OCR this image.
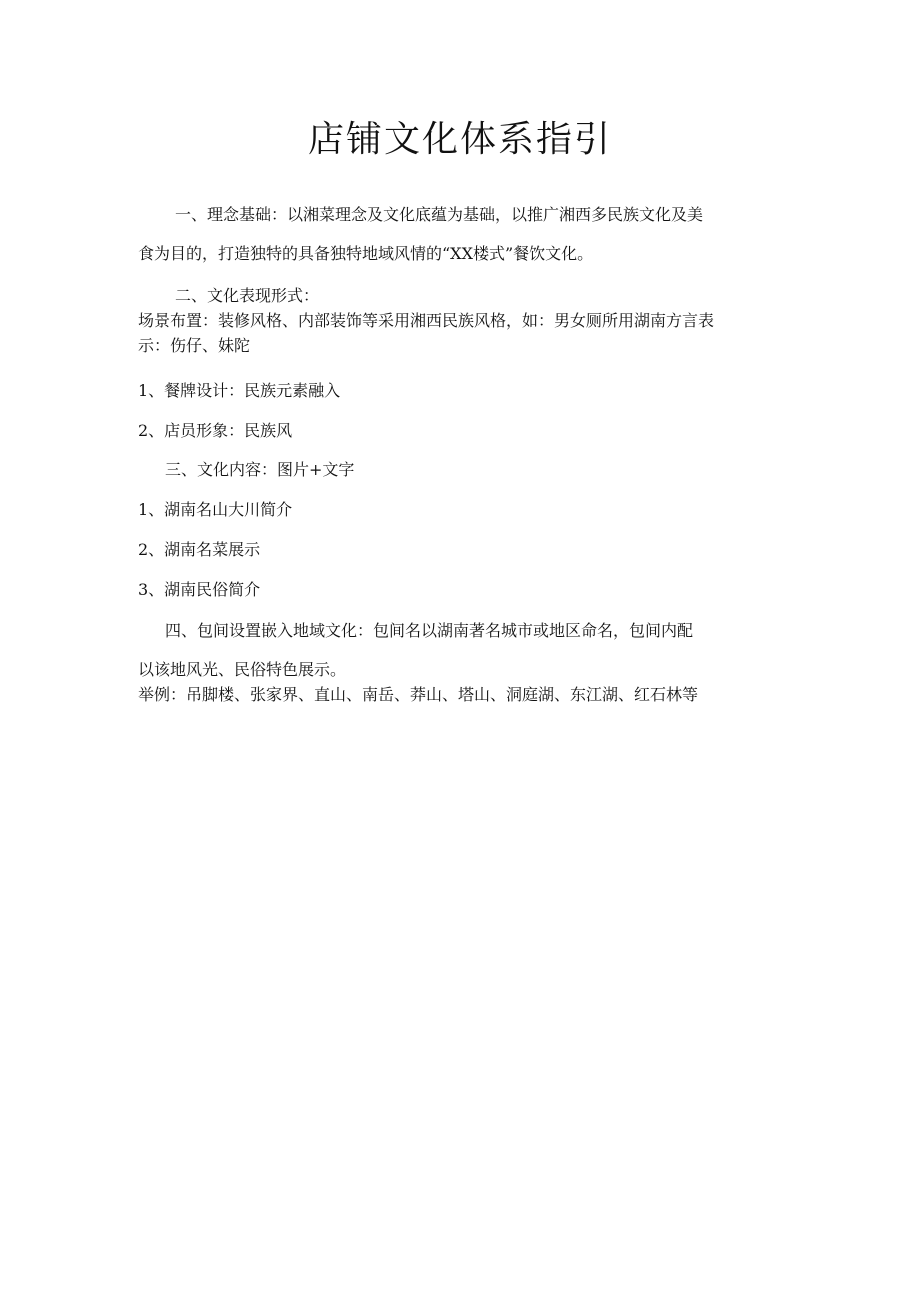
店铺文化体系指引
一、理念基础：以湘菜理念及文化底蕴为基础，以推广湘西多民族文化及美
食为目的，打造独特的具备独特地域风情的“XX楼式”餐饮文化。
二、文化表现形式：
场景布置：装修风格、内部装饰等采用湘西民族风格，如：男女厕所用湖南方言表
示：伤仔、妹陀
1、餐牌设计：民族元素融入
2、店员形象：民族风
三、文化内容：图片+文字
1、湖南名山大川简介
2、湖南名菜展示
3、湖南民俗简介
四、包间设置嵌入地域文化：包间名以湖南著名城市或地区命名，包间内配
以该地风光、民俗特色展示。
举例：吊脚楼、张家界、直山、南岳、莽山、塔山、洞庭湖、东江湖、红石林等
